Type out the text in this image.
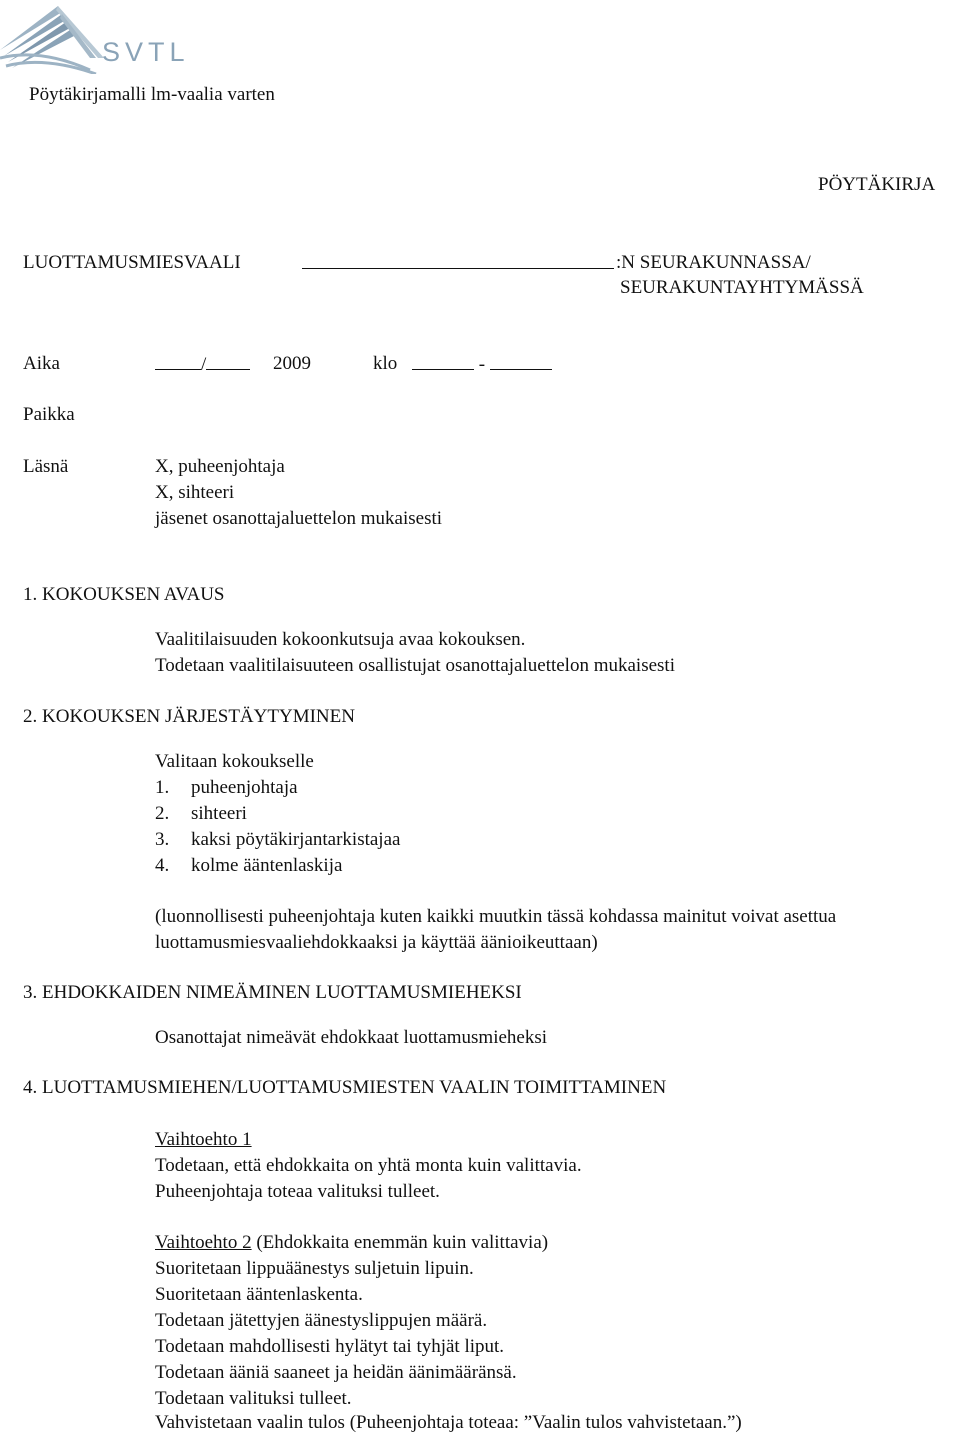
SVTL
Pöytäkirjamalli lm-vaalia varten
PÖYTÄKIRJA
LUOTTAMUSMIESVAALI	:N SEURAKUNNASSA/
SEURAKUNTAYHTYMÄSSÄ
Aika	/	2009	klo	-
Paikka
Läsnä	X, puheenjohtaja
X, sihteeri
jäsenet osanottajaluettelon mukaisesti
1. KOKOUKSEN AVAUS
Vaalitilaisuuden kokoonkutsuja avaa kokouksen.
Todetaan vaalitilaisuuteen osallistujat osanottajaluettelon mukaisesti
2. KOKOUKSEN JÄRJESTÄYTYMINEN
Valitaan kokoukselle
1. puheenjohtaja
2. sihteeri
3. kaksi pöytäkirjantarkistajaa
4. kolme ääntenlaskija
(luonnollisesti puheenjohtaja kuten kaikki muutkin tässä kohdassa mainitut voivat asettua
luottamusmiesvaaliehdokkaaksi ja käyttää äänioikeuttaan)
3. EHDOKKAIDEN NIMEÄMINEN LUOTTAMUSMIEHEKSI
Osanottajat nimeävät ehdokkaat luottamusmieheksi
4. LUOTTAMUSMIEHEN/LUOTTAMUSMIESTEN VAALIN TOIMITTAMINEN
Vaihtoehto 1
Todetaan, että ehdokkaita on yhtä monta kuin valittavia.
Puheenjohtaja toteaa valituksi tulleet.
Vaihtoehto 2 (Ehdokkaita enemmän kuin valittavia)
Suoritetaan lippuäänestys suljetuin lipuin.
Suoritetaan ääntenlaskenta.
Todetaan jätettyjen äänestyslippujen määrä.
Todetaan mahdollisesti hylätyt tai tyhjät liput.
Todetaan ääniä saaneet ja heidän äänimääränsä.
Todetaan valituksi tulleet.
Vahvistetaan vaalin tulos (Puheenjohtaja toteaa: ”Vaalin tulos vahvistetaan.”)
